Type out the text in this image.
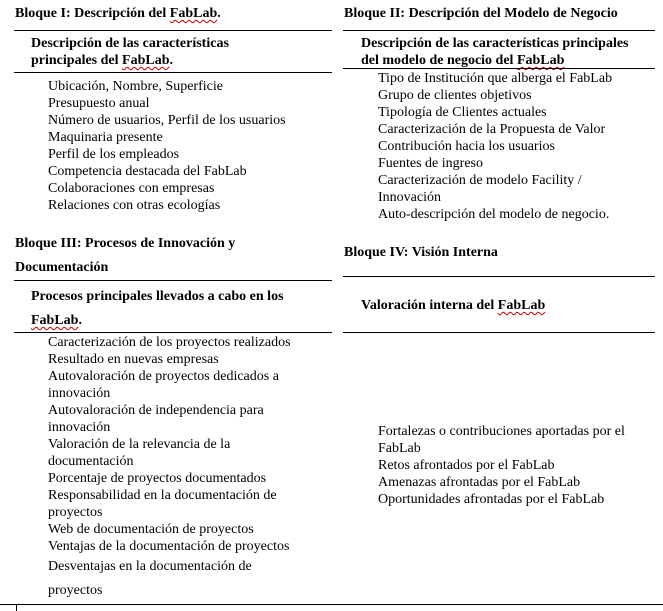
Bloque I: Descripción del FabLab.
Descripción de las características
principales del FabLab.
Ubicación, Nombre, Superficie
Presupuesto anual
Número de usuarios, Perfil de los usuarios
Maquinaria presente
Perfil de los empleados
Competencia destacada del FabLab
Colaboraciones con empresas
Relaciones con otras ecologías
Bloque II: Descripción del Modelo de Negocio
Descripción de las características principales
del modelo de negocio del FabLab
Tipo de Institución que alberga el FabLab
Grupo de clientes objetivos
Tipología de Clientes actuales
Caracterización de la Propuesta de Valor
Contribución hacia los usuarios
Fuentes de ingreso
Caracterización de modelo Facility /
Innovación
Auto-descripción del modelo de negocio.
Bloque III: Procesos de Innovación y
Documentación
Procesos principales llevados a cabo en los
FabLab.
Caracterización de los proyectos realizados
Resultado en nuevas empresas
Autovaloración de proyectos dedicados a
innovación
Autovaloración de independencia para
innovación
Valoración de la relevancia de la
documentación
Porcentaje de proyectos documentados
Responsabilidad en la documentación de
proyectos
Web de documentación de proyectos
Ventajas de la documentación de proyectos
Desventajas en la documentación de
proyectos
Bloque IV: Visión Interna
Valoración interna del FabLab
Fortalezas o contribuciones aportadas por el
FabLab
Retos afrontados por el FabLab
Amenazas afrontadas por el FabLab
Oportunidades afrontadas por el FabLab
